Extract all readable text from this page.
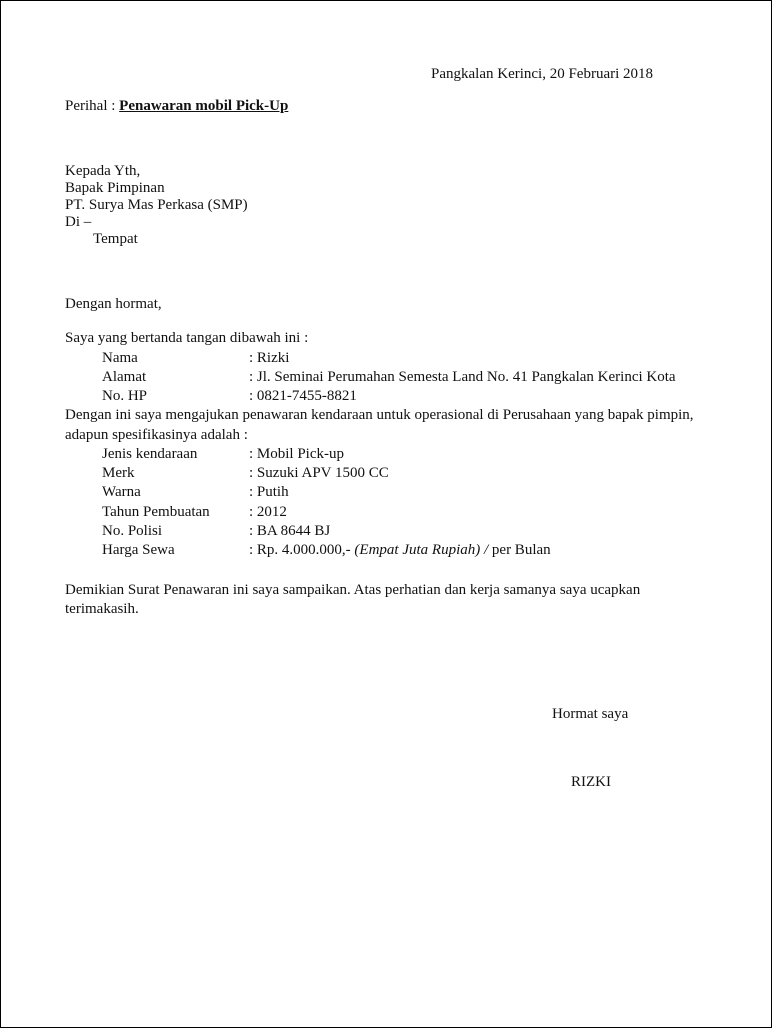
Pangkalan Kerinci, 20 Februari 2018
Perihal : Penawaran mobil Pick-Up
Kepada Yth,
Bapak Pimpinan
PT. Surya Mas Perkasa (SMP)
Di –
Tempat
Dengan hormat,
Saya yang bertanda tangan dibawah ini :
Nama	: Rizki
Alamat	: Jl. Seminai Perumahan Semesta Land No. 41 Pangkalan Kerinci Kota
No. HP	: 0821-7455-8821
Dengan ini saya mengajukan penawaran kendaraan untuk operasional di Perusahaan yang bapak pimpin,
adapun spesifikasinya adalah :
Jenis kendaraan	: Mobil Pick-up
Merk	: Suzuki APV 1500 CC
Warna	: Putih
Tahun Pembuatan	: 2012
No. Polisi	: BA 8644 BJ
Harga Sewa	: Rp. 4.000.000,- (Empat Juta Rupiah) / per Bulan
Demikian Surat Penawaran ini saya sampaikan. Atas perhatian dan kerja samanya saya ucapkan
terimakasih.
Hormat saya
RIZKI
